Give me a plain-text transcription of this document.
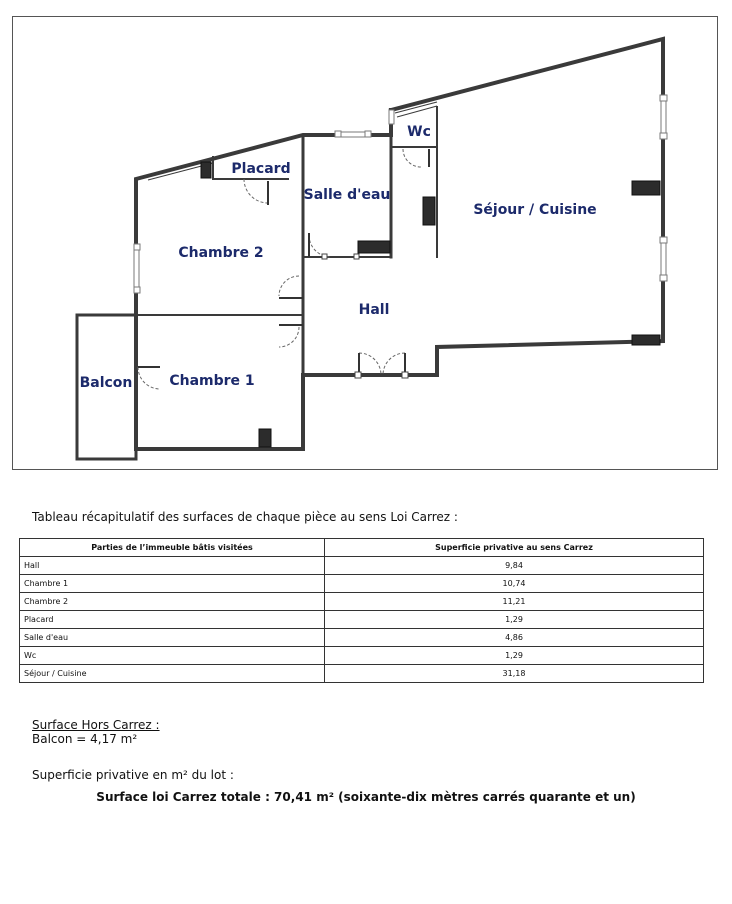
Wc
Placard
Salle d'eau
Séjour / Cuisine
Chambre 2
Hall
Balcon	Chambre 1
Tableau récapitulatif des surfaces de chaque pièce au sens Loi Carrez :
Parties de l’immeuble bâtis visitées	Superficie privative au sens Carrez
Hall	9,84
Chambre 1	10,74
Chambre 2	11,21
Placard	1,29
Salle d'eau	4,86
Wc	1,29
Séjour / Cuisine	31,18
Surface Hors Carrez :
Balcon = 4,17 m²
Superficie privative en m² du lot :
Surface loi Carrez totale : 70,41 m² (soixante-dix mètres carrés quarante et un)
